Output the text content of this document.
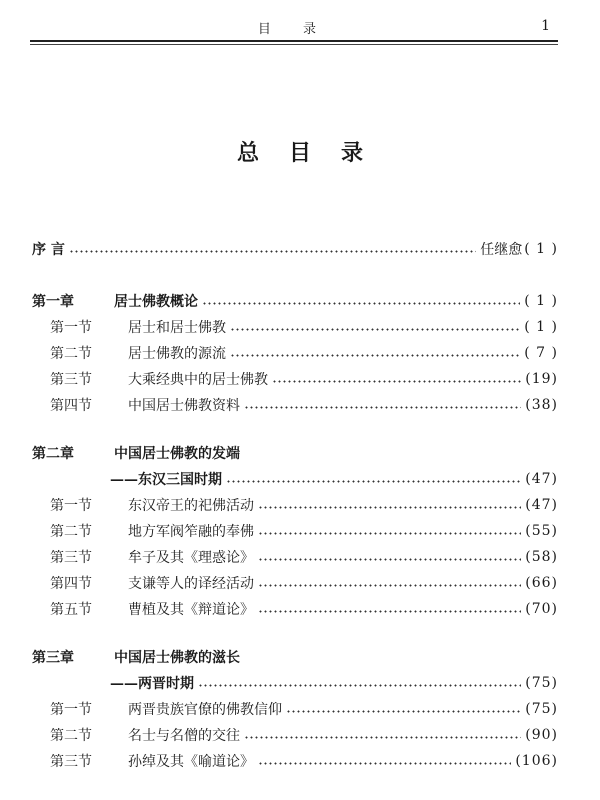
目 录	1
总目录
序 言	任继愈 ( 1 )
第一章	居士佛教概论	( 1 )
第一节	居士和居士佛教	( 1 )
第二节	居士佛教的源流	( 7 )
第三节	大乘经典中的居士佛教	(19)
第四节	中国居士佛教资料	(38)
第二章	中国居士佛教的发端
——东汉三国时期	(47)
第一节	东汉帝王的祀佛活动	(47)
第二节	地方军阀笮融的奉佛	(55)
第三节	牟子及其《理惑论》	(58)
第四节	支谦等人的译经活动	(66)
第五节	曹植及其《辩道论》	(70)
第三章	中国居士佛教的滋长
——两晋时期	(75)
第一节	两晋贵族官僚的佛教信仰	(75)
第二节	名士与名僧的交往	(90)
第三节	孙绰及其《喻道论》	(106)
